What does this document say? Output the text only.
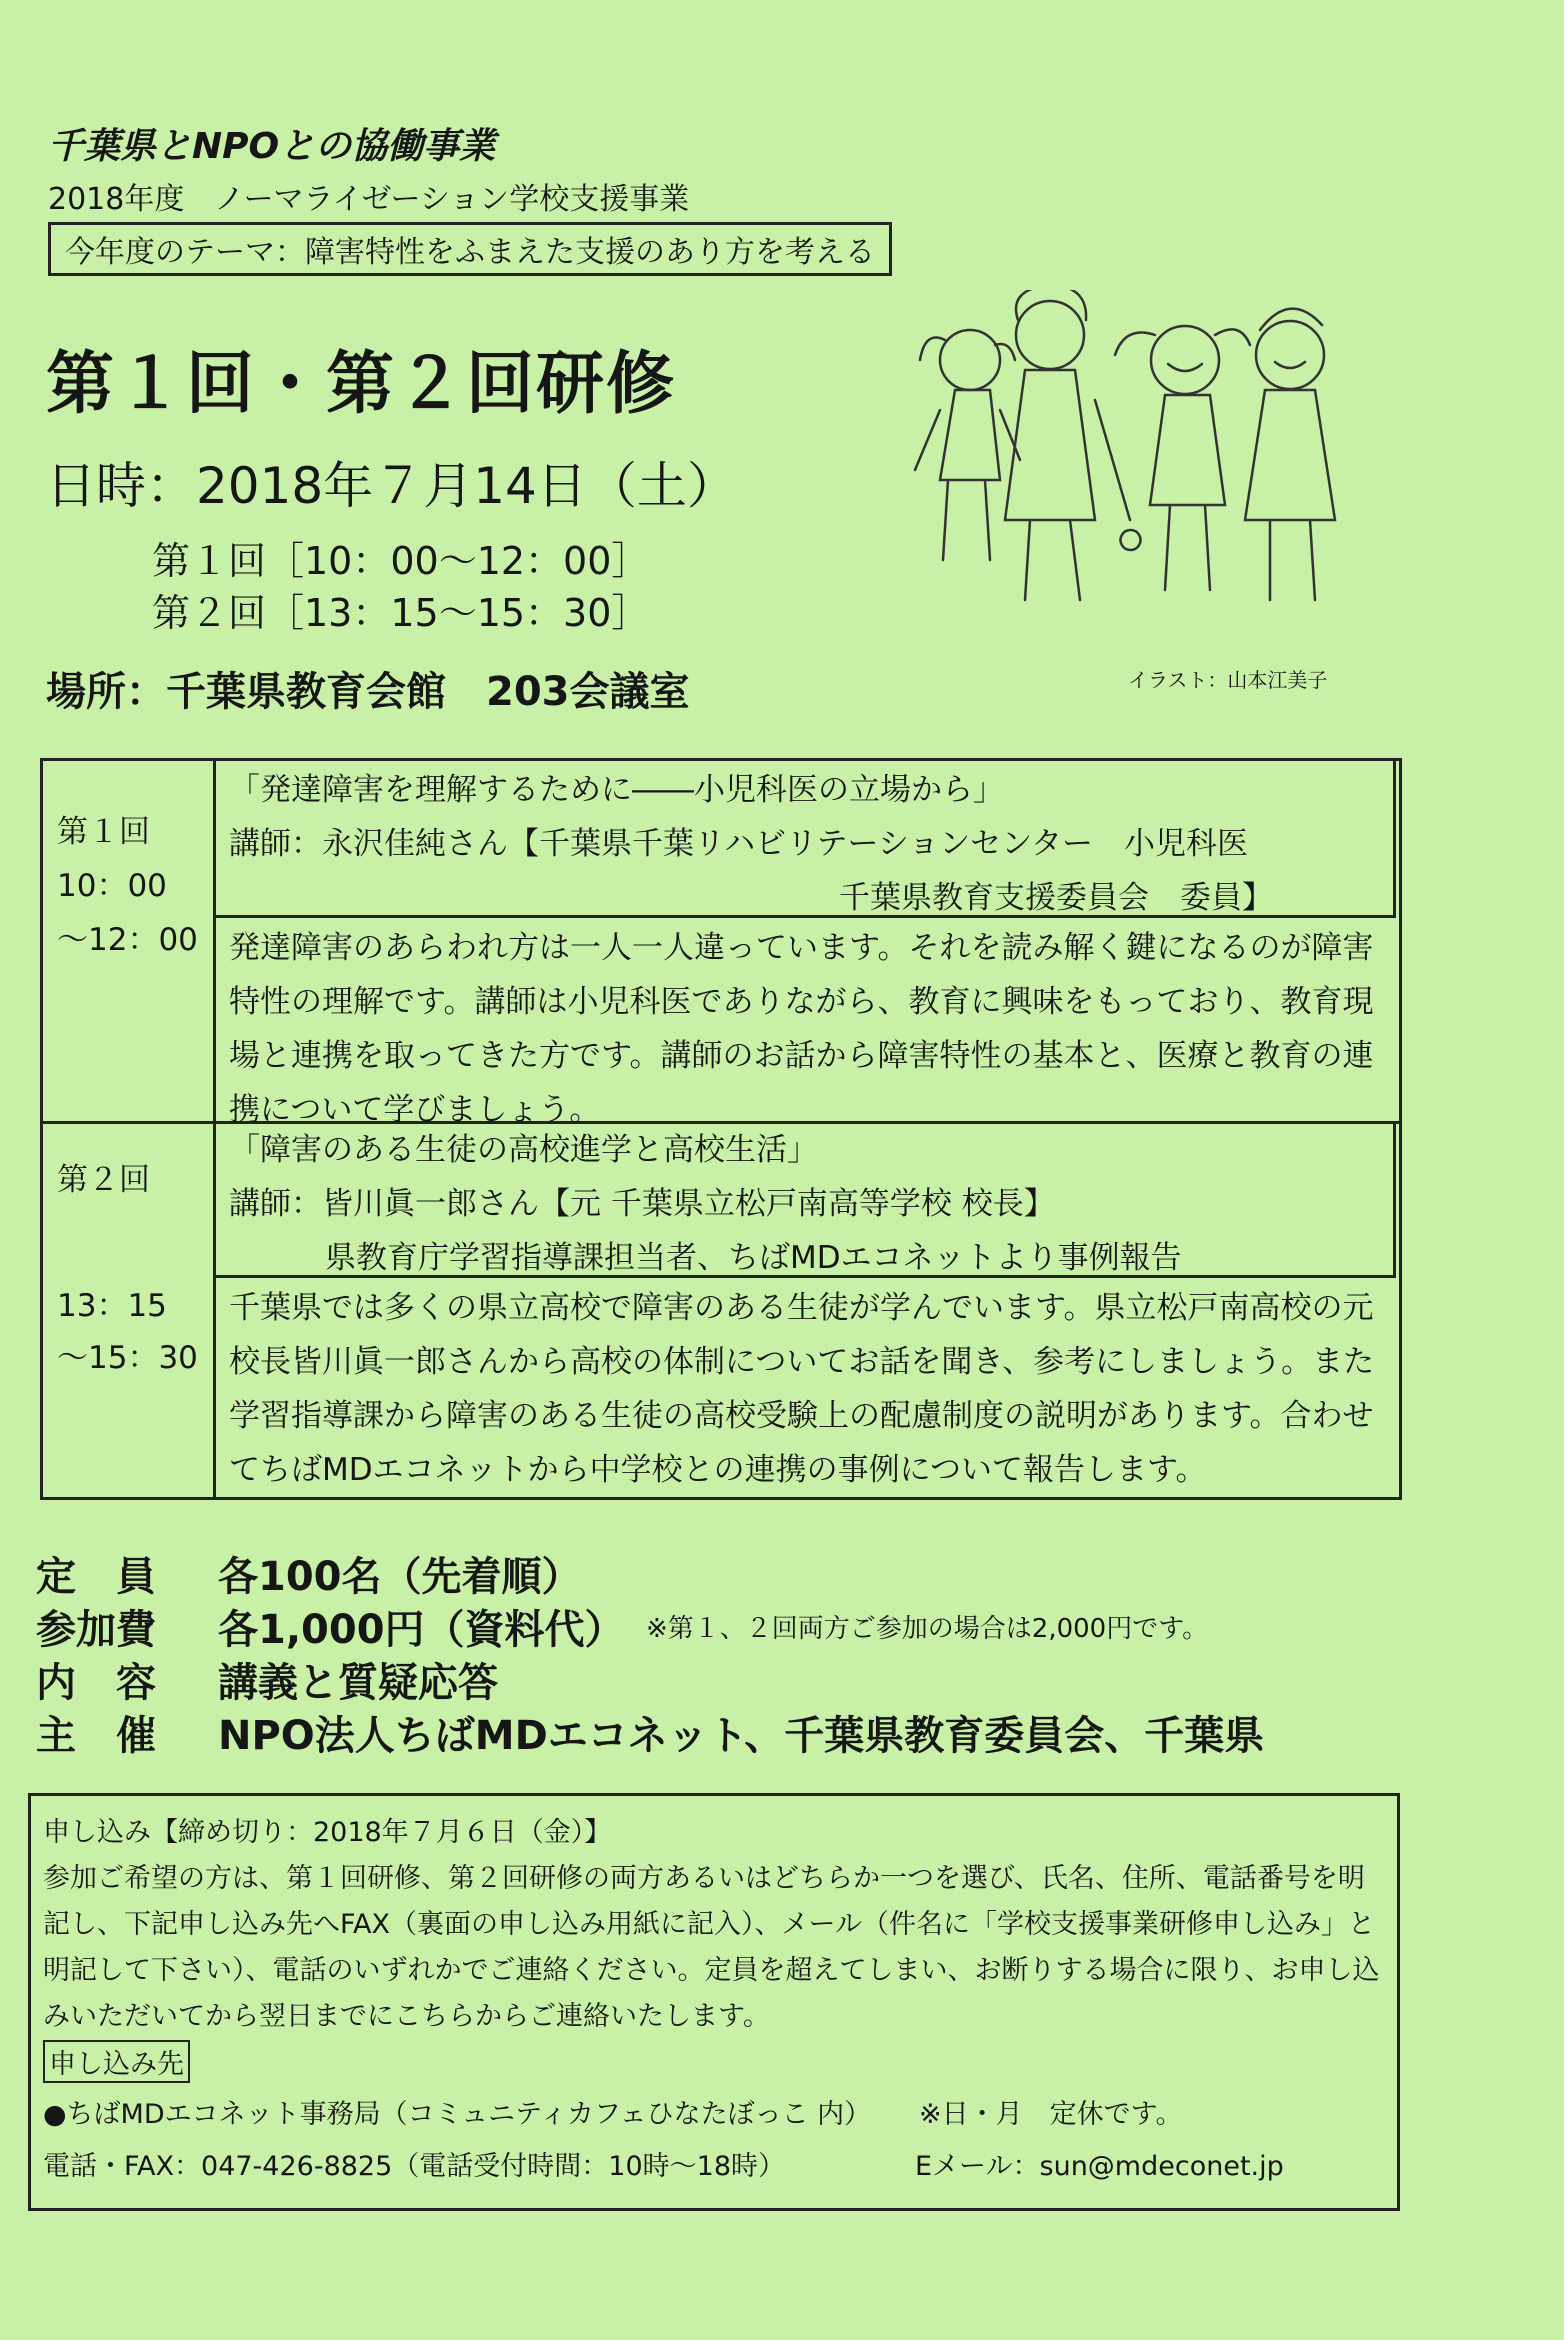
千葉県とNPOとの協働事業
2018年度　ノーマライゼーション学校支援事業
今年度のテーマ：障害特性をふまえた支援のあり方を考える
第１回・第２回研修
日時：2018年７月14日（土）
第１回［10：00～12：00］
第２回［13：15～15：30］
場所：千葉県教育会館　203会議室	イラスト：山本江美子
第１回
10：00
～12：00
「発達障害を理解するために――小児科医の立場から」
講師：永沢佳純さん【千葉県千葉リハビリテーションセンター　小児科医
千葉県教育支援委員会　委員】
発達障害のあらわれ方は一人一人違っています。それを読み解く鍵になるのが障害
特性の理解です。講師は小児科医でありながら、教育に興味をもっており、教育現
場と連携を取ってきた方です。講師のお話から障害特性の基本と、医療と教育の連
携について学びましょう。
第２回
13：15
～15：30
「障害のある生徒の高校進学と高校生活」
講師：皆川眞一郎さん【元 千葉県立松戸南高等学校 校長】
県教育庁学習指導課担当者、ちばMDエコネットより事例報告
千葉県では多くの県立高校で障害のある生徒が学んでいます。県立松戸南高校の元
校長皆川眞一郎さんから高校の体制についてお話を聞き、参考にしましょう。また
学習指導課から障害のある生徒の高校受験上の配慮制度の説明があります。合わせ
てちばMDエコネットから中学校との連携の事例について報告します。
定　員 各100名（先着順）
参加費 各1,000円（資料代） ※第１、２回両方ご参加の場合は2,000円です。
内　容 講義と質疑応答
主　催 NPO法人ちばMDエコネット、千葉県教育委員会、千葉県
申し込み【締め切り：2018年７月６日（金）】
参加ご希望の方は、第１回研修、第２回研修の両方あるいはどちらか一つを選び、氏名、住所、電話番号を明
記し、下記申し込み先へFAX（裏面の申し込み用紙に記入）、メール（件名に「学校支援事業研修申し込み」と
明記して下さい）、電話のいずれかでご連絡ください。定員を超えてしまい、お断りする場合に限り、お申し込
みいただいてから翌日までにこちらからご連絡いたします。
申し込み先
●ちばMDエコネット事務局（コミュニティカフェひなたぼっこ 内） ※日・月　定休です。
電話・FAX：047-426-8825（電話受付時間：10時～18時）	Eメール：sun@mdeconet.jp
